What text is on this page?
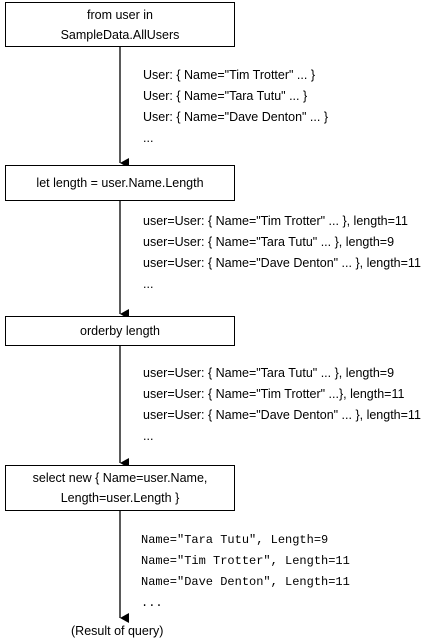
from user in
SampleData.AllUsers
let length = user.Name.Length
orderby length
select new { Name=user.Name,
Length=user.Length }
User: { Name="Tim Trotter" ... }
User: { Name="Tara Tutu" ... }
User: { Name="Dave Denton" ... }
...
user=User: { Name="Tim Trotter" ... }, length=11
user=User: { Name="Tara Tutu" ... }, length=9
user=User: { Name="Dave Denton" ... }, length=11
...
user=User: { Name="Tara Tutu" ... }, length=9
user=User: { Name="Tim Trotter" ...}, length=11
user=User: { Name="Dave Denton" ... }, length=11
...
Name="Tara Tutu", Length=9
Name="Tim Trotter", Length=11
Name="Dave Denton", Length=11
...
(Result of query)
